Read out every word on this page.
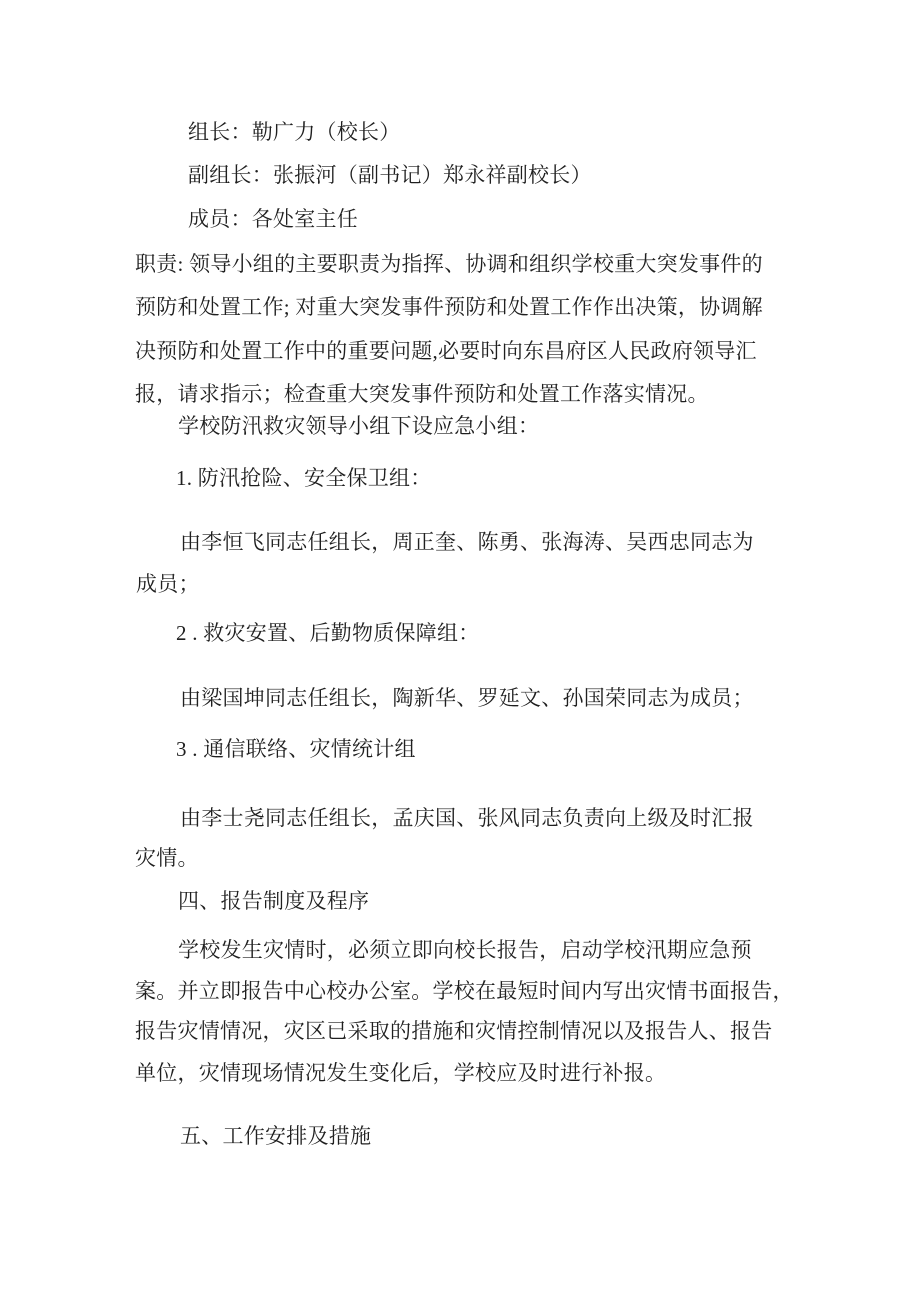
组长：勒广力（校长）
副组长：张振河（副书记）郑永祥副校长）
成员：各处室主任
职责: 领导小组的主要职责为指挥、协调和组织学校重大突发事件的
预防和处置工作; 对重大突发事件预防和处置工作作出决策，协调解
决预防和处置工作中的重要问题,必要时向东昌府区人民政府领导汇
报，请求指示；检查重大突发事件预防和处置工作落实情况。
学校防汛救灾领导小组下设应急小组：
1. 防汛抢险、安全保卫组：
由李恒飞同志任组长，周正奎、陈勇、张海涛、吴西忠同志为
成员；
2 . 救灾安置、后勤物质保障组：
由梁国坤同志任组长，陶新华、罗延文、孙国荣同志为成员；
3 . 通信联络、灾情统计组
由李士尧同志任组长，孟庆国、张风同志负责向上级及时汇报
灾情。
四、报告制度及程序
学校发生灾情时，必须立即向校长报告，启动学校汛期应急预
案。并立即报告中心校办公室。学校在最短时间内写出灾情书面报告，
报告灾情情况，灾区已采取的措施和灾情控制情况以及报告人、报告
单位，灾情现场情况发生变化后，学校应及时进行补报。
五、工作安排及措施
